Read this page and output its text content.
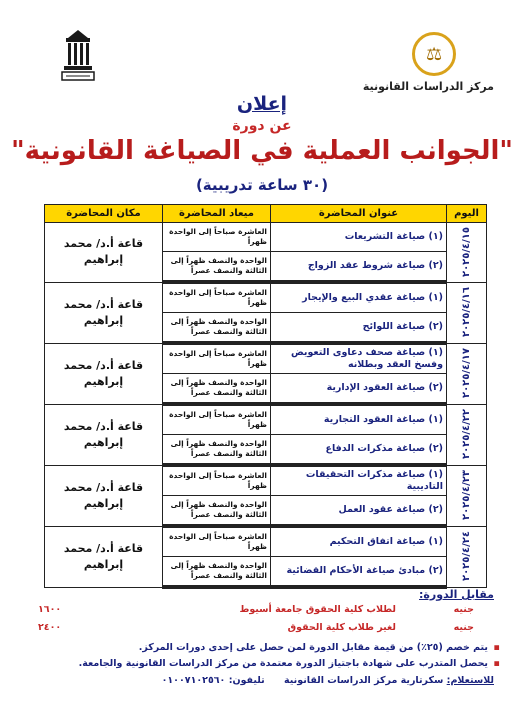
⚖
مركز الدراسات القانونية
إعلان
عن دورة
"الجوانب العملية في الصياغة القانونية"
(٣٠ ساعة تدريبية)
اليوم	عنوان المحاضرة	ميعاد المحاضرة	مكان المحاضرة

٢٠٢٥/٤/١٥	(١) صياغة التشريعات	العاشرة صباحاً إلى الواحدة ظهراً	قاعة أ.د/ محمد إبراهيم
	(٢) صياغة شروط عقد الزواج	الواحدة والنصف ظهراً إلى الثالثة والنصف عصراً	

٢٠٢٥/٤/١٦	(١) صياغة عقدي البيع والإيجار	العاشرة صباحاً إلى الواحدة ظهراً	قاعة أ.د/ محمد إبراهيم
	(٢) صياغة اللوائح	الواحدة والنصف ظهراً إلى الثالثة والنصف عصراً	

٢٠٢٥/٤/١٧	(١) صياغة صحف دعاوى التعويض وفسخ العقد وبطلانه	العاشرة صباحاً إلى الواحدة ظهراً	قاعة أ.د/ محمد إبراهيم
	(٢) صياغة العقود الإدارية	الواحدة والنصف ظهراً إلى الثالثة والنصف عصراً	

٢٠٢٥/٤/٢٢	(١) صياغة العقود التجارية	العاشرة صباحاً إلى الواحدة ظهراً	قاعة أ.د/ محمد إبراهيم
	(٢) صياغة مذكرات الدفاع	الواحدة والنصف ظهراً إلى الثالثة والنصف عصراً	

٢٠٢٥/٤/٢٣	(١) صياغة مذكرات التحقيقات التاديبية	العاشرة صباحاً إلى الواحدة ظهراً	قاعة أ.د/ محمد إبراهيم
	(٢) صياغة عقود العمل	الواحدة والنصف ظهراً إلى الثالثة والنصف عصراً	

٢٠٢٥/٤/٢٤	(١) صياغة اتفاق التحكيم	العاشرة صباحاً إلى الواحدة ظهراً	قاعة أ.د/ محمد إبراهيم
	(٢) مبادئ صياغة الأحكام القضائية	الواحدة والنصف ظهراً إلى الثالثة والنصف عصراً	
مقابل الدورة:
لطلاب كلية الحقوق جامعة أسيوط	جنيه
١٦٠٠
لغير طلاب كلية الحقوق	جنيه
٢٤٠٠
▪ يتم خصم (٢٥٪) من قيمة مقابل الدورة لمن حصل على إحدى دورات المركز.
▪ يحصل المتدرب على شهادة باجتياز الدورة معتمدة من مركز الدراسات القانونية والجامعة.
للاستعلام: سكرتارية مركز الدراسات القانونية تليفون: ٠١٠٠٧١٠٢٥٦٠
